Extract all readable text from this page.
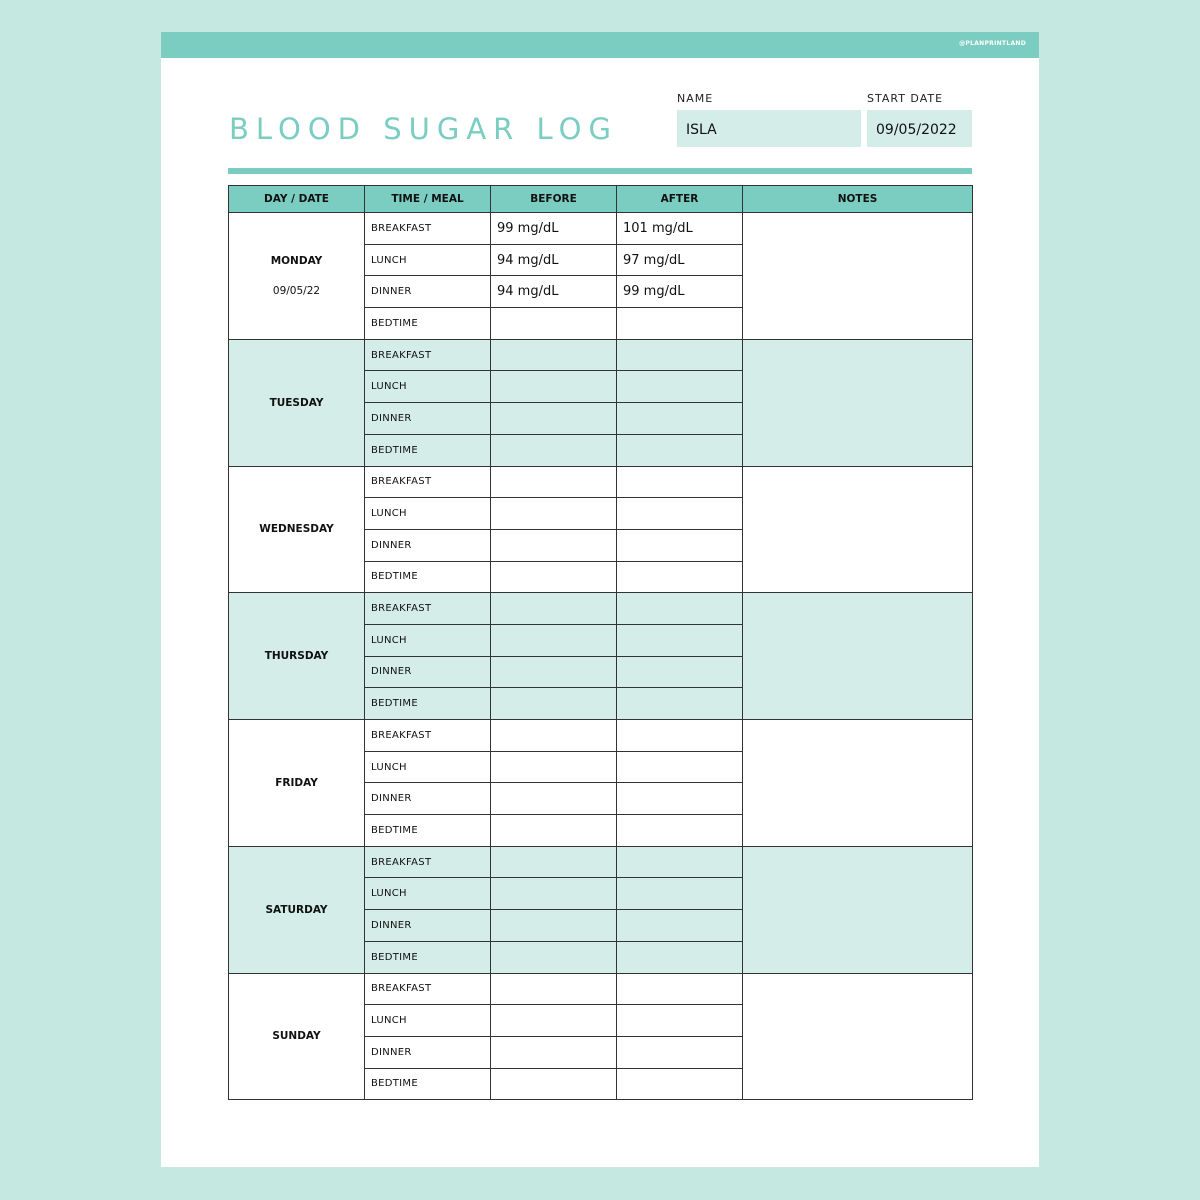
@PLANPRINTLAND
BLOOD SUGAR LOG
NAME
ISLA
START DATE
09/05/2022
DAY / DATE	TIME / MEAL	BEFORE	AFTER	NOTES

MONDAY
09/05/22	BREAKFAST	99 mg/dL	101 mg/dL	
	LUNCH	94 mg/dL	97 mg/dL	
	DINNER	94 mg/dL	99 mg/dL	
	BEDTIME			

TUESDAY	BREAKFAST			
	LUNCH			
	DINNER			
	BEDTIME			

WEDNESDAY	BREAKFAST			
	LUNCH			
	DINNER			
	BEDTIME			

THURSDAY	BREAKFAST			
	LUNCH			
	DINNER			
	BEDTIME			

FRIDAY	BREAKFAST			
	LUNCH			
	DINNER			
	BEDTIME			

SATURDAY	BREAKFAST			
	LUNCH			
	DINNER			
	BEDTIME			

SUNDAY	BREAKFAST			
	LUNCH			
	DINNER			
	BEDTIME			
